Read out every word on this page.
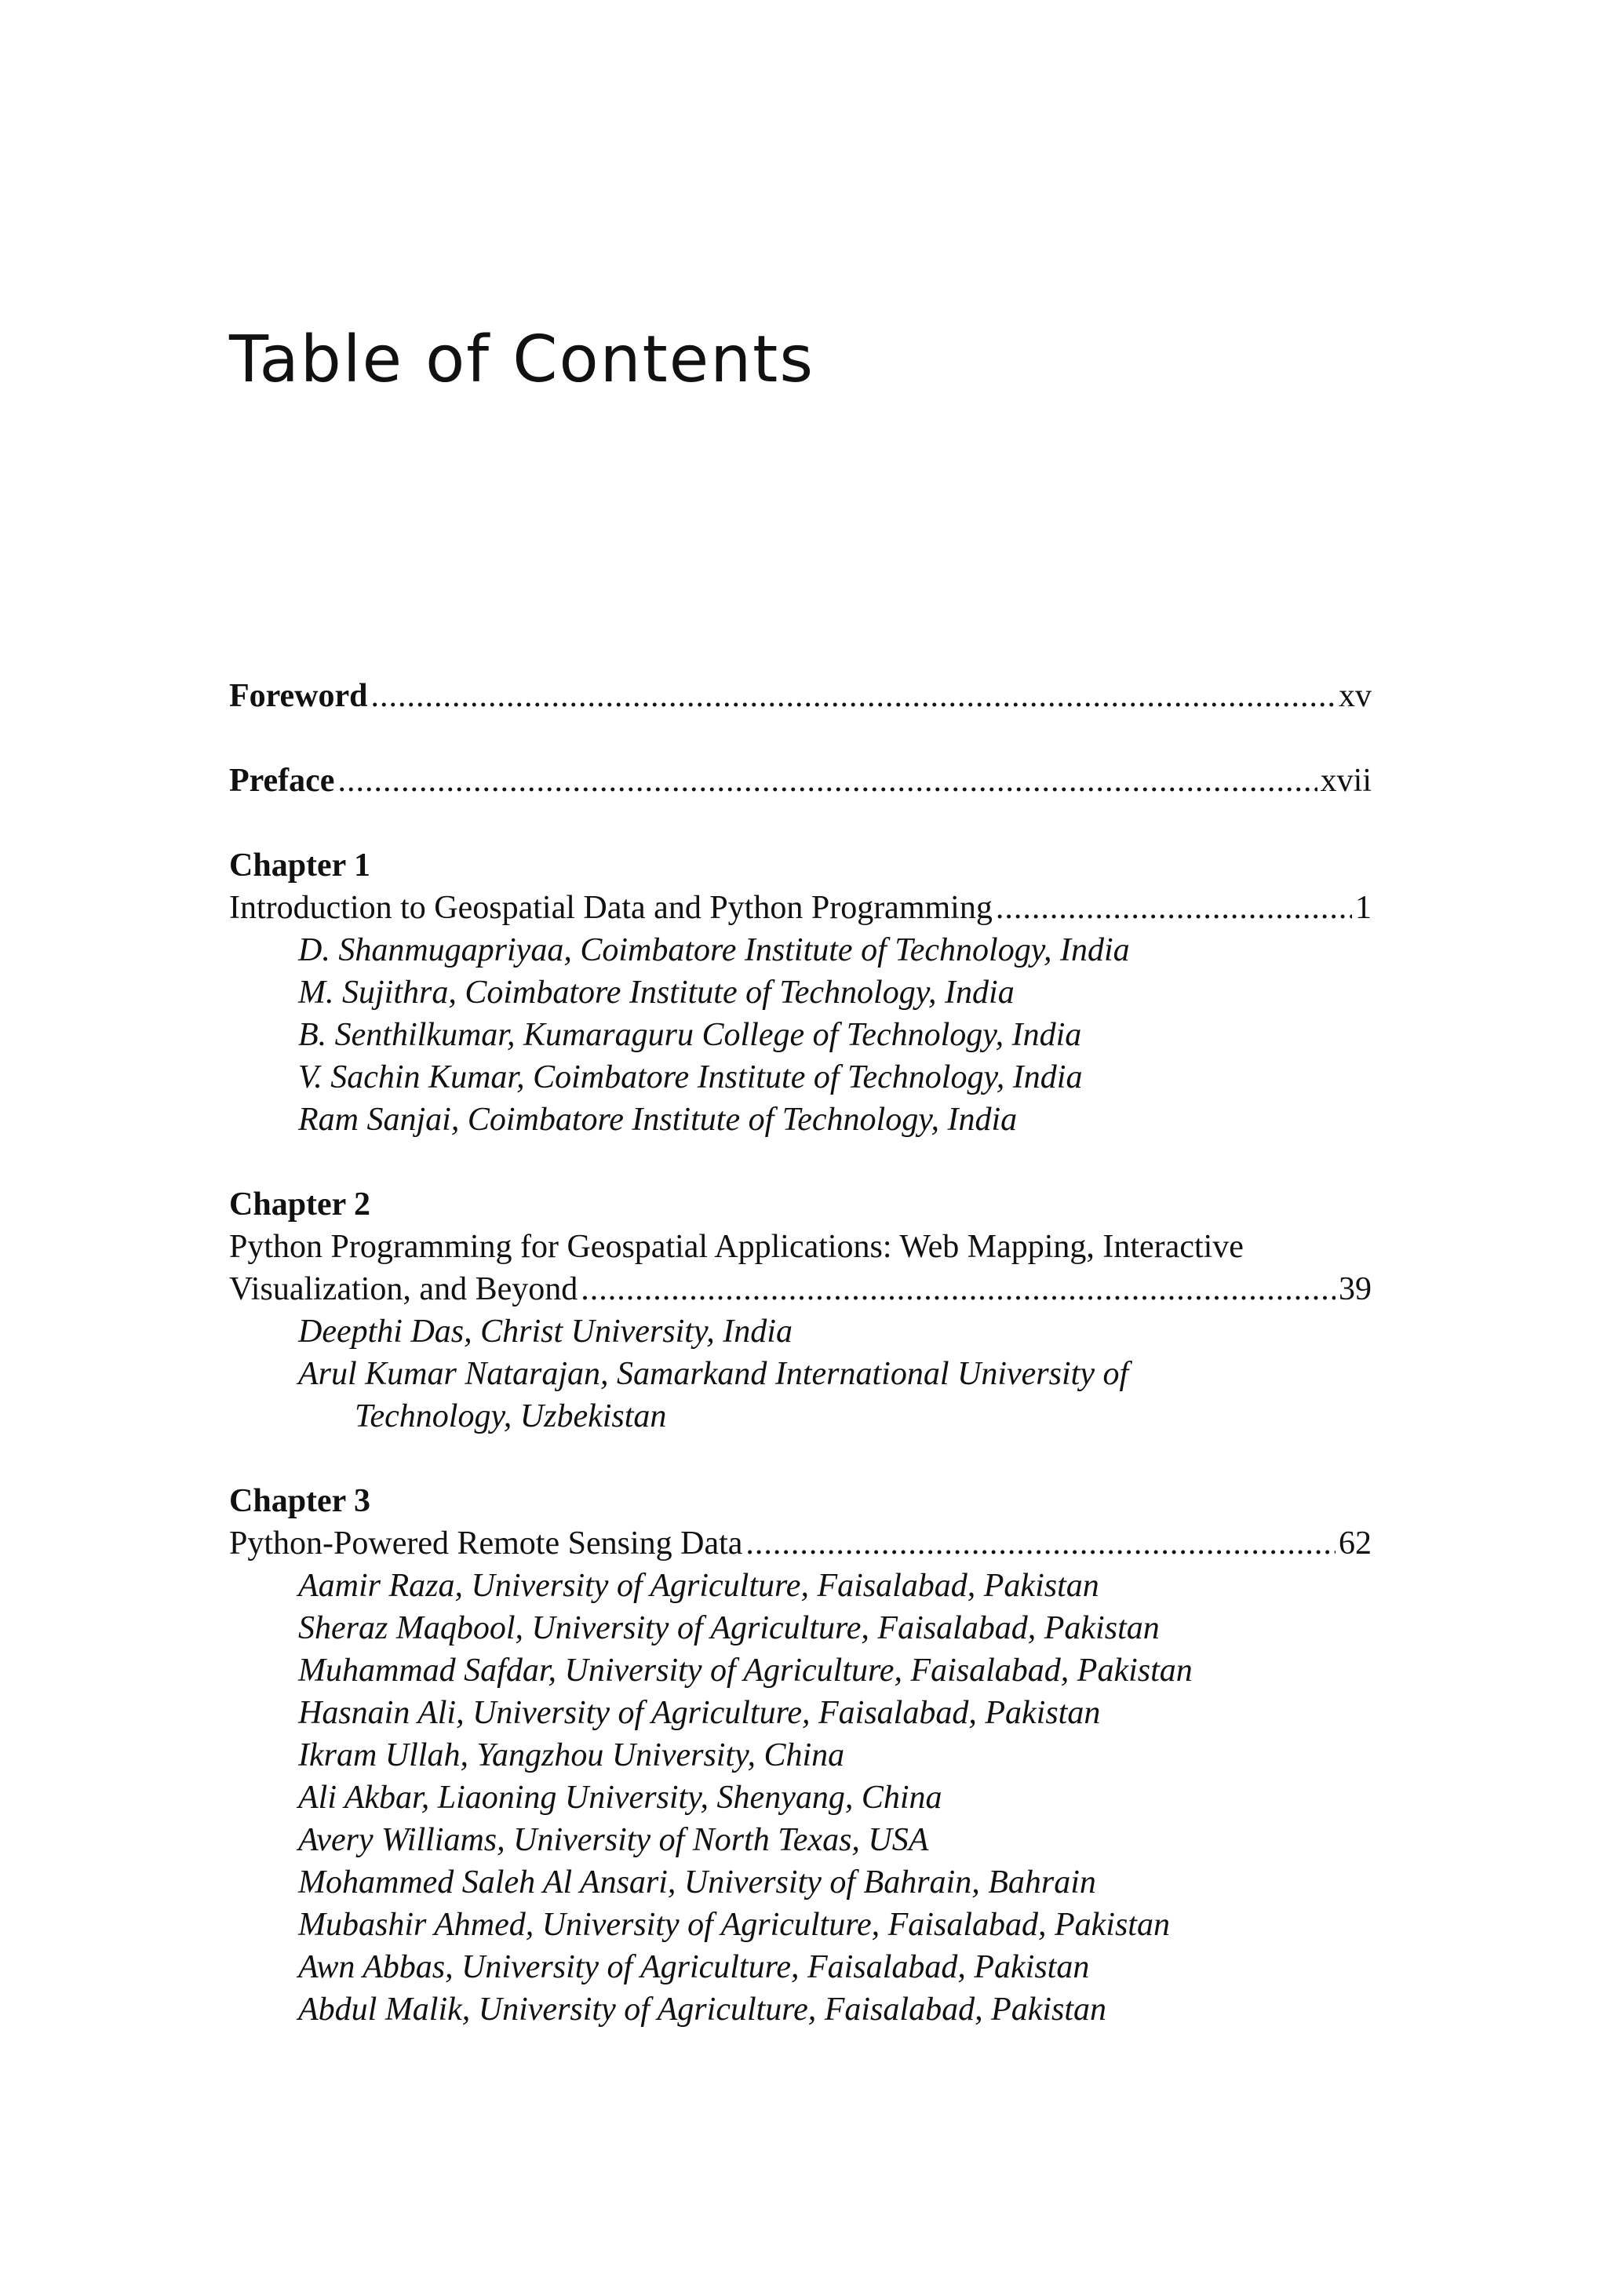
Table of Contents
Foreword .....	xv
Preface .....	xvii
Chapter 1
Introduction to Geospatial Data and Python Programming .....	1
D. Shanmugapriyaa, Coimbatore Institute of Technology, India
M. Sujithra, Coimbatore Institute of Technology, India
B. Senthilkumar, Kumaraguru College of Technology, India
V. Sachin Kumar, Coimbatore Institute of Technology, India
Ram Sanjai, Coimbatore Institute of Technology, India
Chapter 2
Python Programming for Geospatial Applications: Web Mapping, Interactive
Visualization, and Beyond .....	39
Deepthi Das, Christ University, India
Arul Kumar Natarajan, Samarkand International University of
Technology, Uzbekistan
Chapter 3
Python-Powered Remote Sensing Data .....	62
Aamir Raza, University of Agriculture, Faisalabad, Pakistan
Sheraz Maqbool, University of Agriculture, Faisalabad, Pakistan
Muhammad Safdar, University of Agriculture, Faisalabad, Pakistan
Hasnain Ali, University of Agriculture, Faisalabad, Pakistan
Ikram Ullah, Yangzhou University, China
Ali Akbar, Liaoning University, Shenyang, China
Avery Williams, University of North Texas, USA
Mohammed Saleh Al Ansari, University of Bahrain, Bahrain
Mubashir Ahmed, University of Agriculture, Faisalabad, Pakistan
Awn Abbas, University of Agriculture, Faisalabad, Pakistan
Abdul Malik, University of Agriculture, Faisalabad, Pakistan
